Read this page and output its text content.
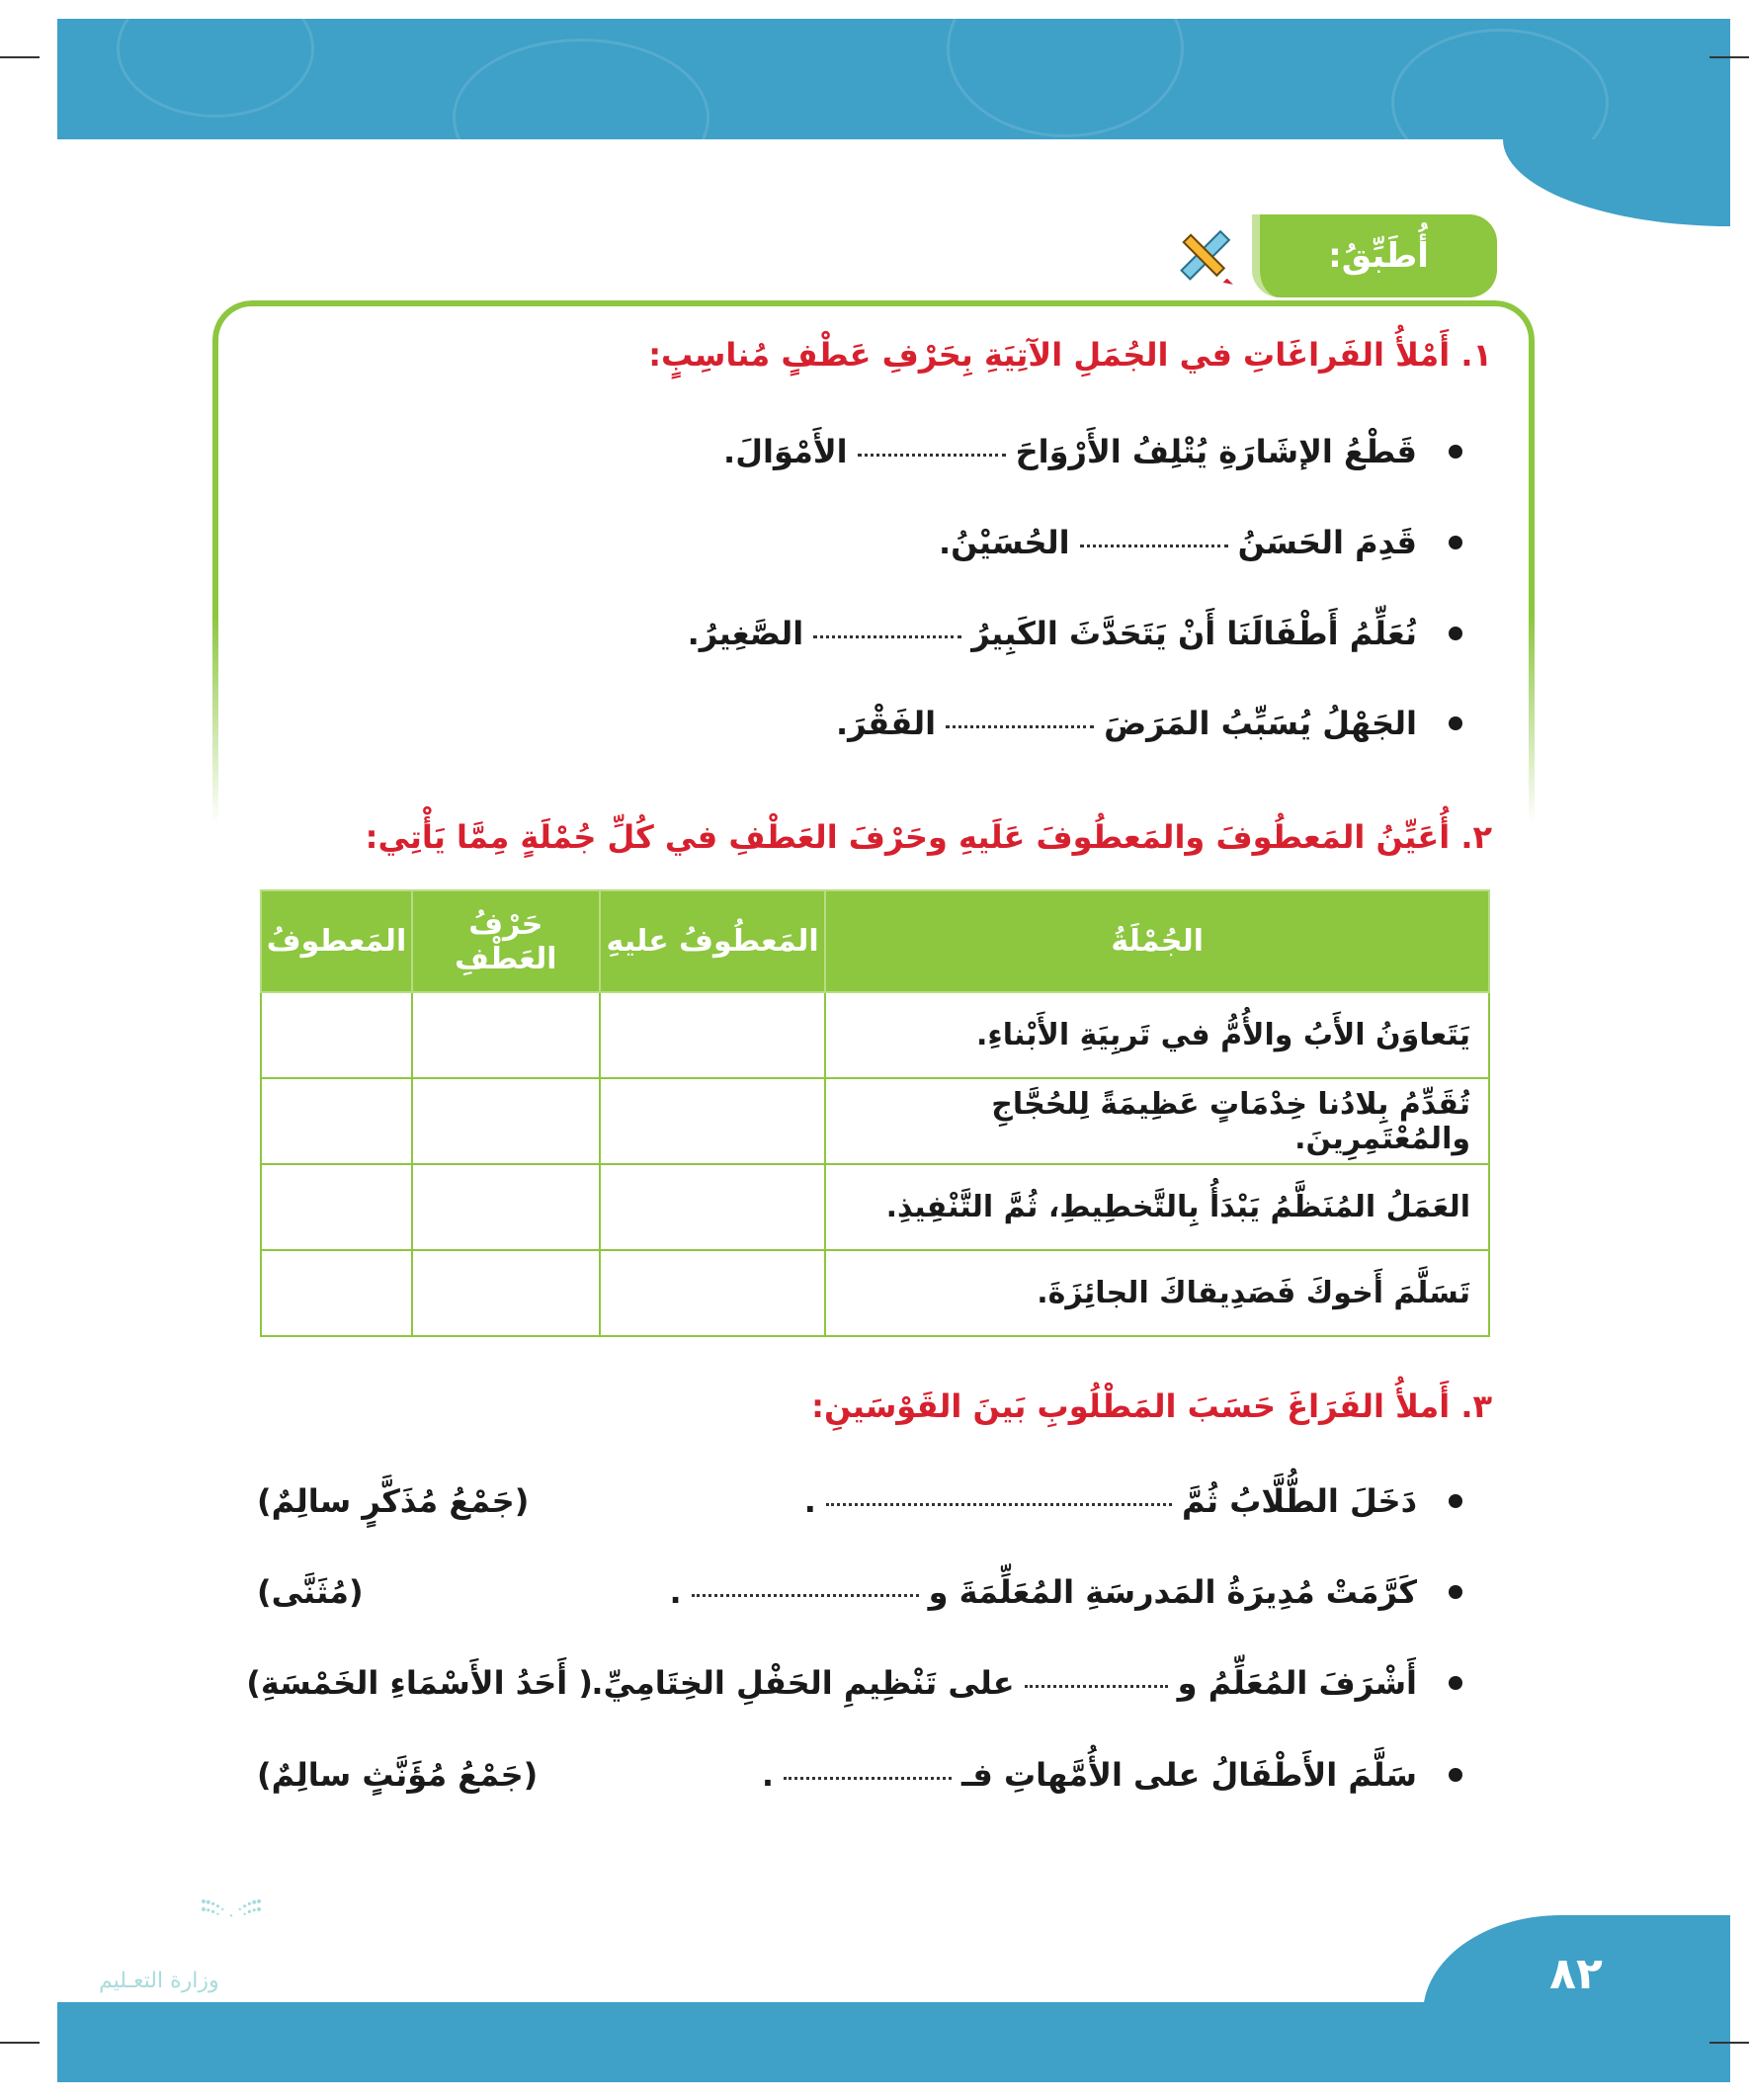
أُطَبِّقُ:
١. أَمْلأُ الفَراغَاتِ في الجُمَلِ الآتِيَةِ بِحَرْفِ عَطْفٍ مُناسِبٍ:
قَطْعُ الإشَارَةِ يُتْلِفُ الأَرْوَاحَ
الأَمْوَالَ.
قَدِمَ الحَسَنُ
الحُسَيْنُ.
نُعَلِّمُ أَطْفَالَنَا أَنْ يَتَحَدَّثَ الكَبِيرُ
الصَّغِيرُ.
الجَهْلُ يُسَبِّبُ المَرَضَ
الفَقْرَ.
٢. أُعَيِّنُ المَعطُوفَ والمَعطُوفَ عَلَيهِ وحَرْفَ العَطْفِ في كُلِّ جُمْلَةٍ مِمَّا يَأْتِي:
الجُمْلَةُ	المَعطُوفُ عليهِ	حَرْفُ العَطْفِ	المَعطوفُ
يَتَعاوَنُ الأَبُ والأُمُّ في تَربِيَةِ الأَبْناءِ.			
تُقَدِّمُ بِلادُنا خِدْمَاتٍ عَظِيمَةً لِلحُجَّاجِ والمُعْتَمِرِينَ.			
العَمَلُ المُنَظَّمُ يَبْدَأُ بِالتَّخطِيطِ، ثُمَّ التَّنْفِيذِ.			
تَسَلَّمَ أَخوكَ فَصَدِيقاكَ الجائِزَةَ.			
٣. أَملأُ الفَرَاغَ حَسَبَ المَطْلُوبِ بَينَ القَوْسَينِ:
دَخَلَ الطُّلَّابُ ثُمَّ
.
(جَمْعُ مُذَكَّرٍ سالِمٌ)
كَرَّمَتْ مُدِيرَةُ المَدرسَةِ المُعَلِّمَةَ و
.
(مُثَنَّى)
أَشْرَفَ المُعَلِّمُ و
على تَنْظِيمِ الحَفْلِ الخِتَامِيِّ.
( أَحَدُ الأَسْمَاءِ الخَمْسَةِ)
سَلَّمَ الأَطْفَالُ على الأُمَّهاتِ فـ
.
(جَمْعُ مُؤَنَّثٍ سالِمٌ)
وزارة التعـليم	٨٢
